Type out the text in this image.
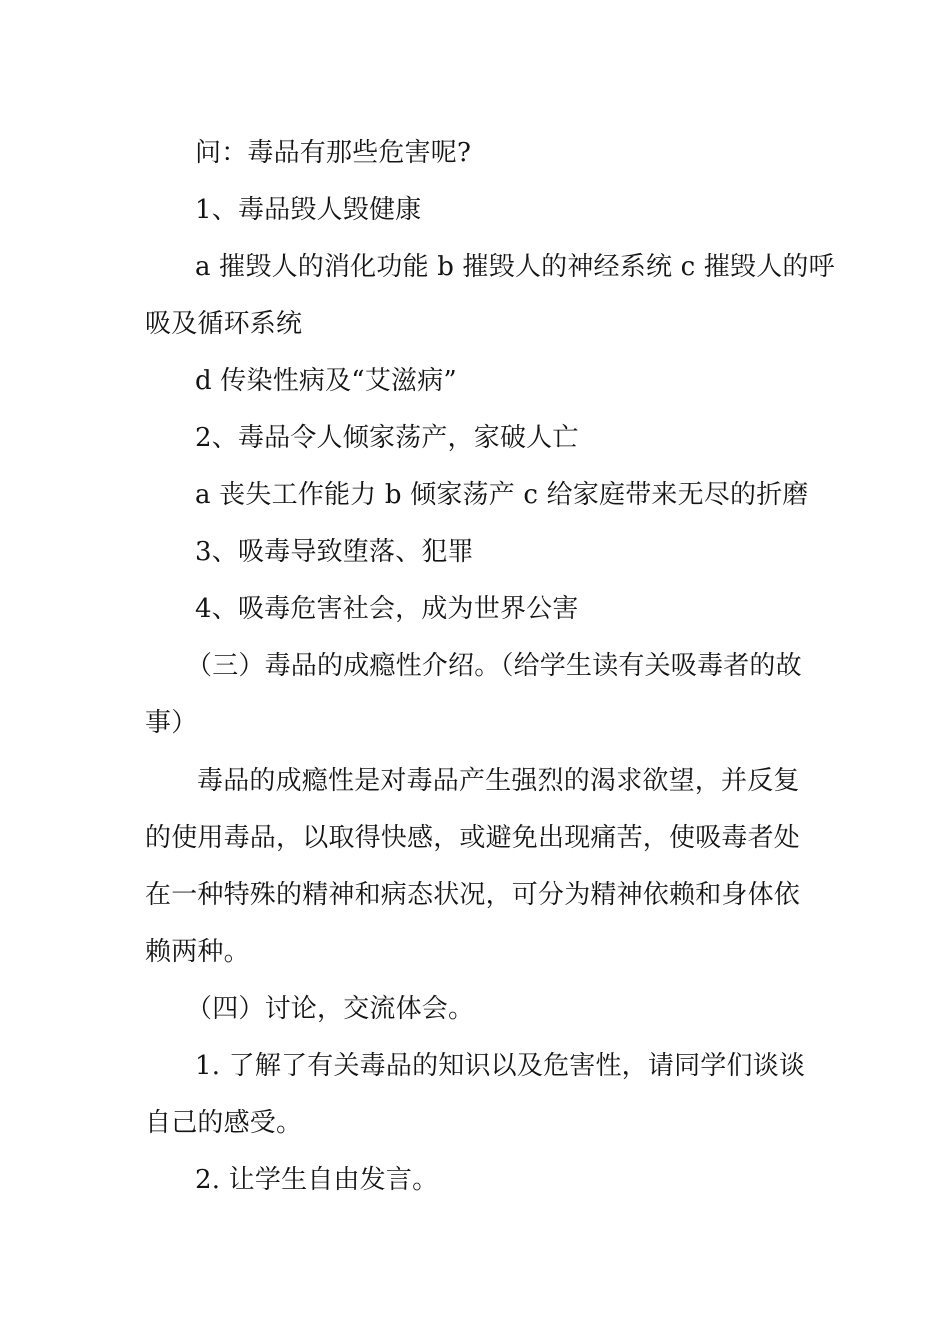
问：毒品有那些危害呢?
1、毒品毁人毁健康
a 摧毁人的消化功能 b 摧毁人的神经系统 c 摧毁人的呼
吸及循环系统
d 传染性病及“艾滋病”
2、毒品令人倾家荡产，家破人亡
a 丧失工作能力 b 倾家荡产 c 给家庭带来无尽的折磨
3、吸毒导致堕落、犯罪
4、吸毒危害社会，成为世界公害
（三）毒品的成瘾性介绍。（给学生读有关吸毒者的故
事）
毒品的成瘾性是对毒品产生强烈的渴求欲望，并反复
的使用毒品，以取得快感，或避免出现痛苦，使吸毒者处
在一种特殊的精神和病态状况，可分为精神依赖和身体依
赖两种。
（四）讨论，交流体会。
1. 了解了有关毒品的知识以及危害性，请同学们谈谈
自己的感受。
2. 让学生自由发言。
